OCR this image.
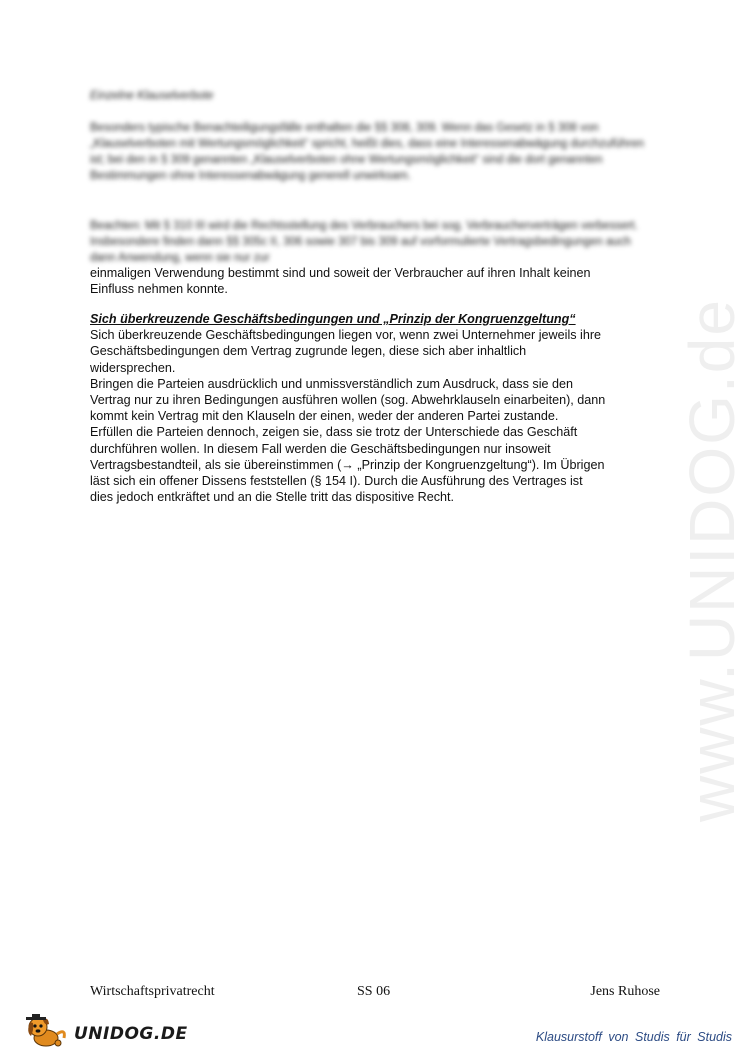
Einzelne Klauselverbote
Besonders typische Benachteiligungsfälle enthalten die §§ 308, 309. Wenn das Gesetz in § 308 von „Klauselverboten mit Wertungsmöglichkeit“ spricht, heißt dies, dass eine Interessenabwägung durchzuführen ist; bei den in § 309 genannten „Klauselverboten ohne Wertungsmöglichkeit“ sind die dort genannten Bestimmungen ohne Interessenabwägung generell unwirksam.
Beachten: Mit § 310 III wird die Rechtsstellung des Verbrauchers bei sog. Verbraucherverträgen verbessert. Insbesondere finden dann §§ 305c II, 306 sowie 307 bis 309 auf vorformulierte Vertragsbedingungen auch dann Anwendung, wenn sie nur zur
einmaligen Verwendung bestimmt sind und soweit der Verbraucher auf ihren Inhalt keinen
Einfluss nehmen konnte.
Sich überkreuzende Geschäftsbedingungen und „Prinzip der Kongruenzgeltung“
Sich überkreuzende Geschäftsbedingungen liegen vor, wenn zwei Unternehmer jeweils ihre
Geschäftsbedingungen dem Vertrag zugrunde legen, diese sich aber inhaltlich
widersprechen.
Bringen die Parteien ausdrücklich und unmissverständlich zum Ausdruck, dass sie den
Vertrag nur zu ihren Bedingungen ausführen wollen (sog. Abwehrklauseln einarbeiten), dann
kommt kein Vertrag mit den Klauseln der einen, weder der anderen Partei zustande.
Erfüllen die Parteien dennoch, zeigen sie, dass sie trotz der Unterschiede das Geschäft
durchführen wollen. In diesem Fall werden die Geschäftsbedingungen nur insoweit
Vertragsbestandteil, als sie übereinstimmen (→ „Prinzip der Kongruenzgeltung“). Im Übrigen
läst sich ein offener Dissens feststellen (§ 154 I). Durch die Ausführung des Vertrages ist
dies jedoch entkräftet und an die Stelle tritt das dispositive Recht.	www.UNIDOG.de
Wirtschaftsprivatrecht	SS 06	Jens Ruhose
UNIDOG.DE	Klausurstoff von Studis für Studis
